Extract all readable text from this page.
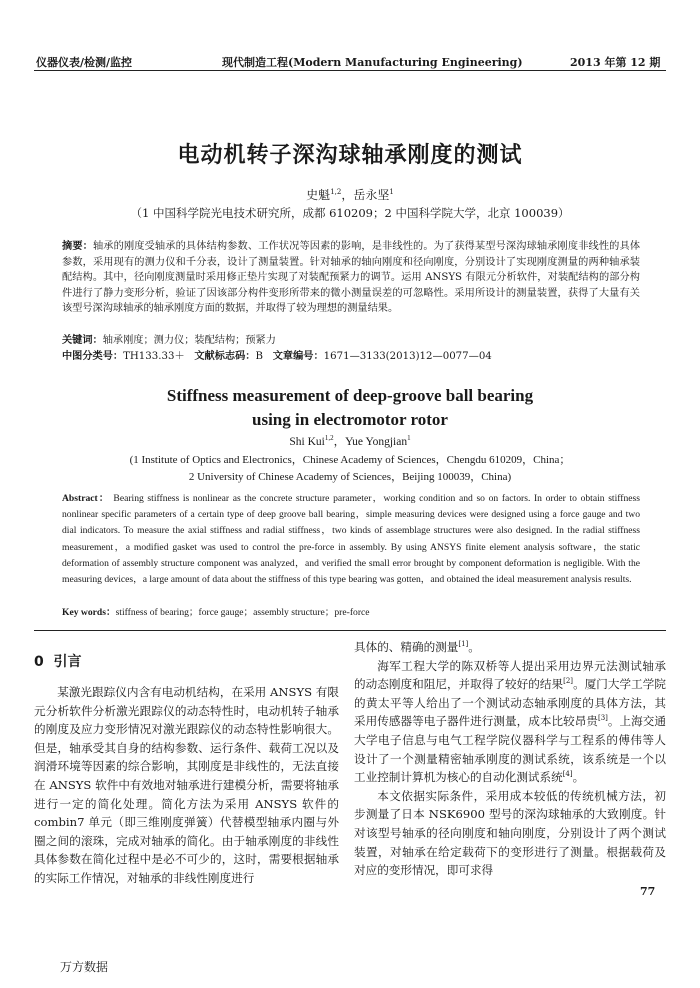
仪器仪表/检测/监控	现代制造工程(Modern Manufacturing Engineering)	2013 年第 12 期
电动机转子深沟球轴承刚度的测试
史魁$^{1,2}$，岳永坚$^1$
（1 中国科学院光电技术研究所，成都 610209；2 中国科学院大学，北京 100039）
摘要：轴承的刚度受轴承的具体结构参数、工作状况等因素的影响，是非线性的。为了获得某型号深沟球轴承刚度非线性的具体参数，采用现有的测力仪和千分表，设计了测量装置。针对轴承的轴向刚度和径向刚度，分别设计了实现刚度测量的两种轴承装配结构。其中，径向刚度测量时采用修正垫片实现了对装配预紧力的调节。运用 ANSYS 有限元分析软件，对装配结构的部分构件进行了静力变形分析，验证了因该部分构件变形所带来的微小测量误差的可忽略性。采用所设计的测量装置，获得了大量有关该型号深沟球轴承的轴承刚度方面的数据，并取得了较为理想的测量结果。
关键词：轴承刚度；测力仪；装配结构；预紧力
中图分类号：TH133.33＋ 文献标志码：B 文章编号：1671—3133(2013)12—0077—04
Stiffness measurement of deep-groove ball bearing
using in electromotor rotor
Shi Kui$^{1,2}$，Yue Yongjian$^1$
(1 Institute of Optics and Electronics，Chinese Academy of Sciences，Chengdu 610209，China；
2 University of Chinese Academy of Sciences，Beijing 100039，China)
Abstract： Bearing stiffness is nonlinear as the concrete structure parameter，working condition and so on factors. In order to obtain stiffness nonlinear specific parameters of a certain type of deep groove ball bearing，simple measuring devices were designed using a force gauge and two dial indicators. To measure the axial stiffness and radial stiffness，two kinds of assemblage structures were also designed. In the radial stiffness measurement，a modified gasket was used to control the pre-force in assembly. By using ANSYS finite element analysis software，the static deformation of assembly structure component was analyzed，and verified the small error brought by component deformation is negligible. With the measuring devices，a large amount of data about the stiffness of this type bearing was gotten，and obtained the ideal measurement analysis results.
Key words：stiffness of bearing；force gauge；assembly structure；pre-force
0 引言

某激光跟踪仪内含有电动机结构，在采用 ANSYS 有限元分析软件分析激光跟踪仪的动态特性时，电动机转子轴承的刚度及应力变形情况对激光跟踪仪的动态特性影响很大。但是，轴承受其自身的结构参数、运行条件、载荷工况以及润滑环境等因素的综合影响，其刚度是非线性的，无法直接在 ANSYS 软件中有效地对轴承进行建模分析，需要将轴承进行一定的简化处理。简化方法为采用 ANSYS 软件的 combin7 单元（即三维刚度弹簧）代替模型轴承内圈与外圈之间的滚珠，完成对轴承的简化。由于轴承刚度的非线性具体参数在简化过程中是必不可少的，这时，需要根据轴承的实际工作情况，对轴承的非线性刚度进行

具体的、精确的测量[1]。

海军工程大学的陈双桥等人提出采用边界元法测试轴承的动态刚度和阻尼，并取得了较好的结果[2]。厦门大学工学院的黄太平等人给出了一个测试动态轴承刚度的具体方法，其采用传感器等电子器件进行测量，成本比较昂贵[3]。上海交通大学电子信息与电气工程学院仪器科学与工程系的傅伟等人设计了一个测量精密轴承刚度的测试系统，该系统是一个以工业控制计算机为核心的自动化测试系统[4]。

本文依据实际条件，采用成本较低的传统机械方法，初步测量了日本 NSK6900 型号的深沟球轴承的大致刚度。针对该型号轴承的径向刚度和轴向刚度，分别设计了两个测试装置，对轴承在给定载荷下的变形进行了测量。根据载荷及对应的变形情况，即可求得

77
万方数据
